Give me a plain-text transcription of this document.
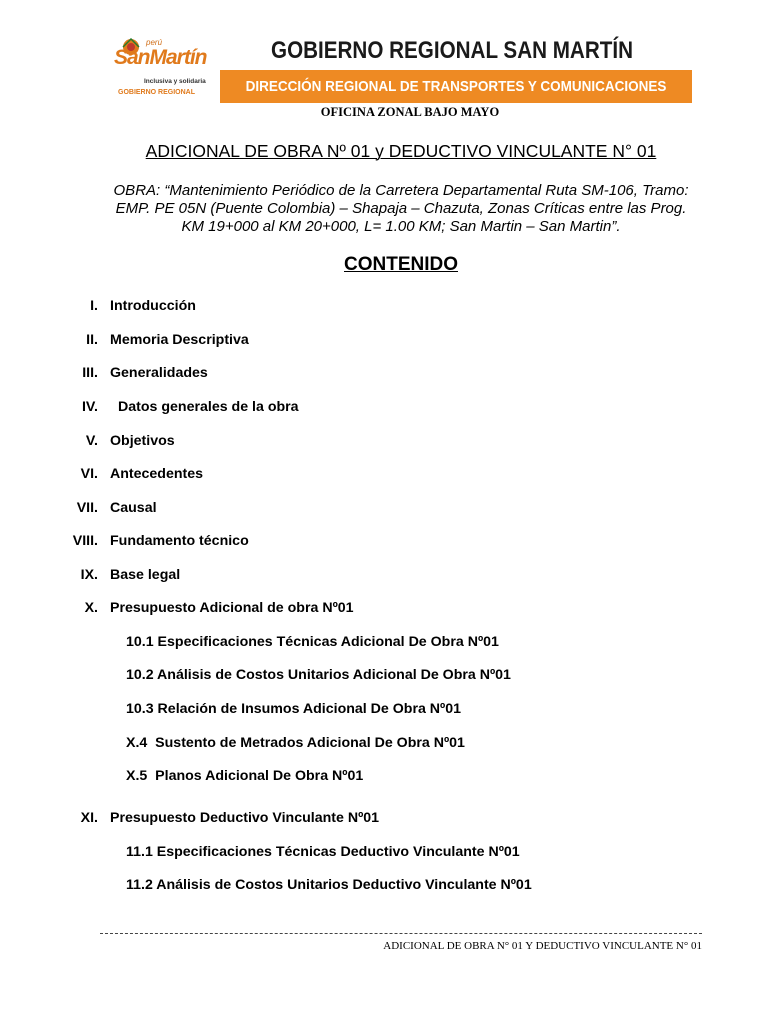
perú
SanMartín
Inclusiva y solidaria
GOBIERNO REGIONAL
GOBIERNO REGIONAL SAN MARTÍN
DIRECCIÓN REGIONAL DE TRANSPORTES Y COMUNICACIONES
OFICINA ZONAL BAJO MAYO
ADICIONAL DE OBRA Nº 01 y DEDUCTIVO VINCULANTE N° 01
OBRA: “Mantenimiento Periódico de la Carretera Departamental Ruta SM-106, Tramo:
EMP. PE 05N (Puente Colombia) – Shapaja – Chazuta, Zonas Críticas entre las Prog.
KM 19+000 al KM 20+000, L= 1.00 KM; San Martin – San Martin”.
CONTENIDO
I. Introducción
II. Memoria Descriptiva
III. Generalidades
IV. Datos generales de la obra
V. Objetivos
VI. Antecedentes
VII. Causal
VIII. Fundamento técnico
IX. Base legal
X. Presupuesto Adicional de obra Nº01
10.1 Especificaciones Técnicas Adicional De Obra Nº01
10.2 Análisis de Costos Unitarios Adicional De Obra Nº01
10.3 Relación de Insumos Adicional De Obra Nº01
X.4  Sustento de Metrados Adicional De Obra Nº01
X.5  Planos Adicional De Obra Nº01
XI. Presupuesto Deductivo Vinculante Nº01
11.1 Especificaciones Técnicas Deductivo Vinculante Nº01
11.2 Análisis de Costos Unitarios Deductivo Vinculante Nº01
ADICIONAL DE OBRA N° 01 Y DEDUCTIVO VINCULANTE N° 01
